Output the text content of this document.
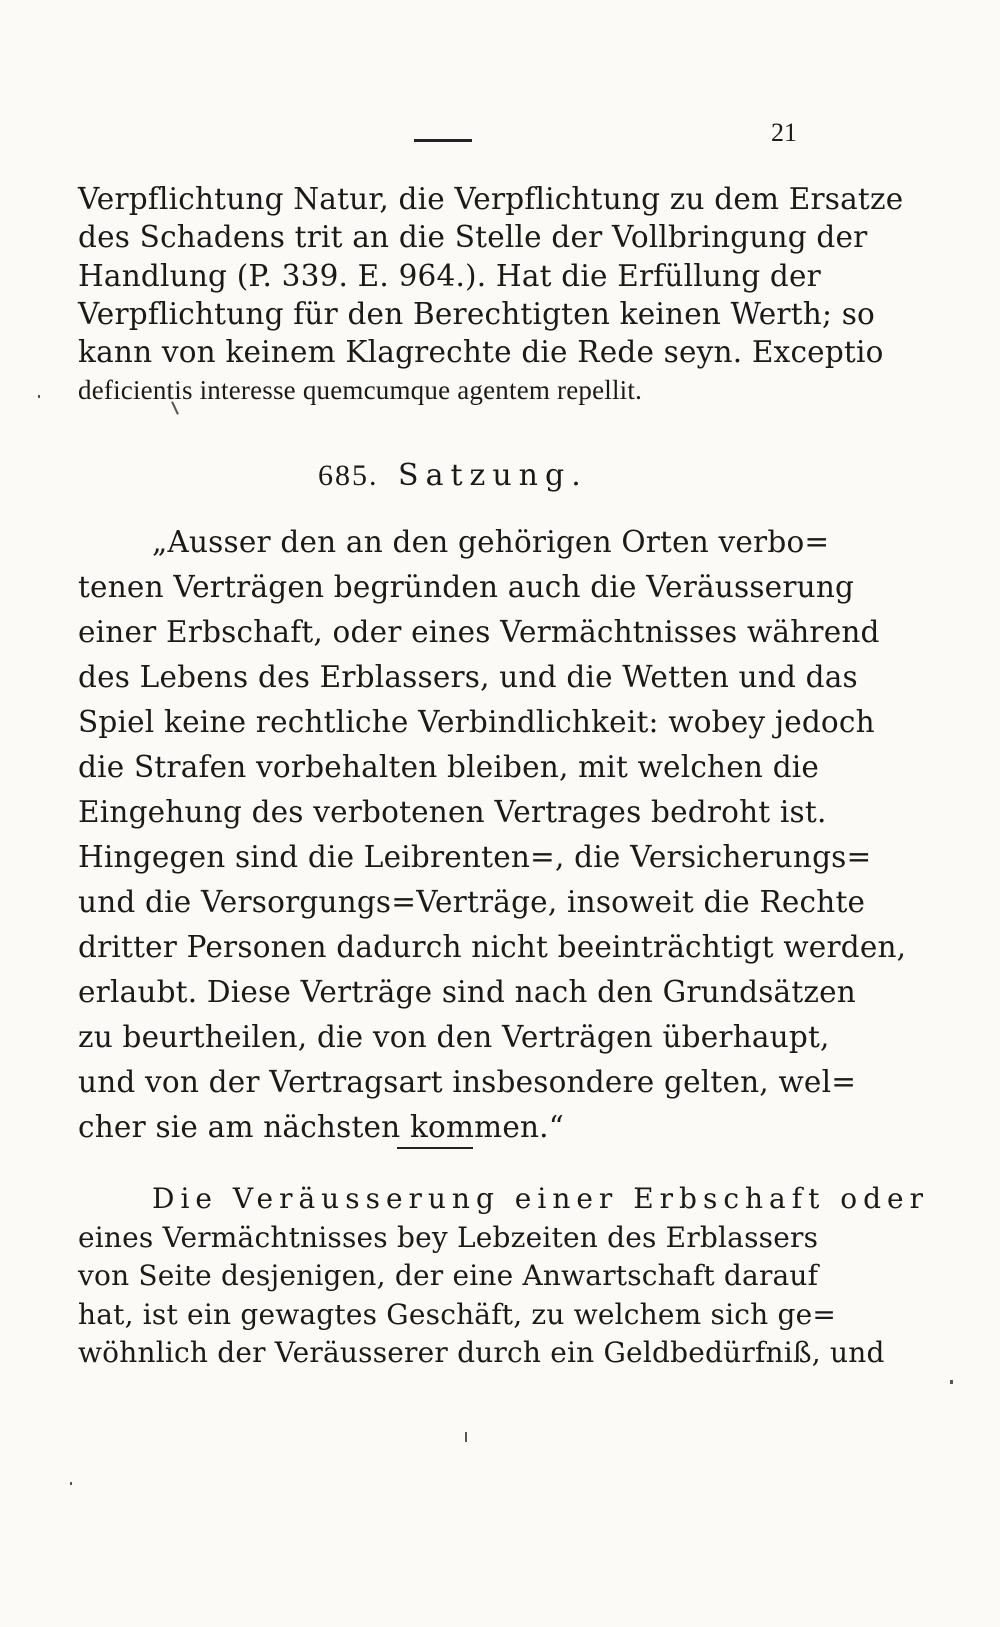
21
Verpflichtung Natur, die Verpflichtung zu dem Ersatze
des Schadens trit an die Stelle der Vollbringung der
Handlung (P. 339. E. 964.). Hat die Erfüllung der
Verpflichtung für den Berechtigten keinen Werth; so
kann von keinem Klagrechte die Rede seyn. Exceptio
deficientis interesse quemcumque agentem repellit.
685. Satzung.
„Ausser den an den gehörigen Orten verbo=
tenen Verträgen begründen auch die Veräusserung
einer Erbschaft, oder eines Vermächtnisses während
des Lebens des Erblassers, und die Wetten und das
Spiel keine rechtliche Verbindlichkeit: wobey jedoch
die Strafen vorbehalten bleiben, mit welchen die
Eingehung des verbotenen Vertrages bedroht ist.
Hingegen sind die Leibrenten=, die Versicherungs=
und die Versorgungs=Verträge, insoweit die Rechte
dritter Personen dadurch nicht beeinträchtigt werden,
erlaubt. Diese Verträge sind nach den Grundsätzen
zu beurtheilen, die von den Verträgen überhaupt,
und von der Vertragsart insbesondere gelten, wel=
cher sie am nächsten kommen.“
Die Veräusserung einer Erbschaft oder
eines Vermächtnisses bey Lebzeiten des Erblassers
von Seite desjenigen, der eine Anwartschaft darauf
hat, ist ein gewagtes Geschäft, zu welchem sich ge=
wöhnlich der Veräusserer durch ein Geldbedürfniß, und
